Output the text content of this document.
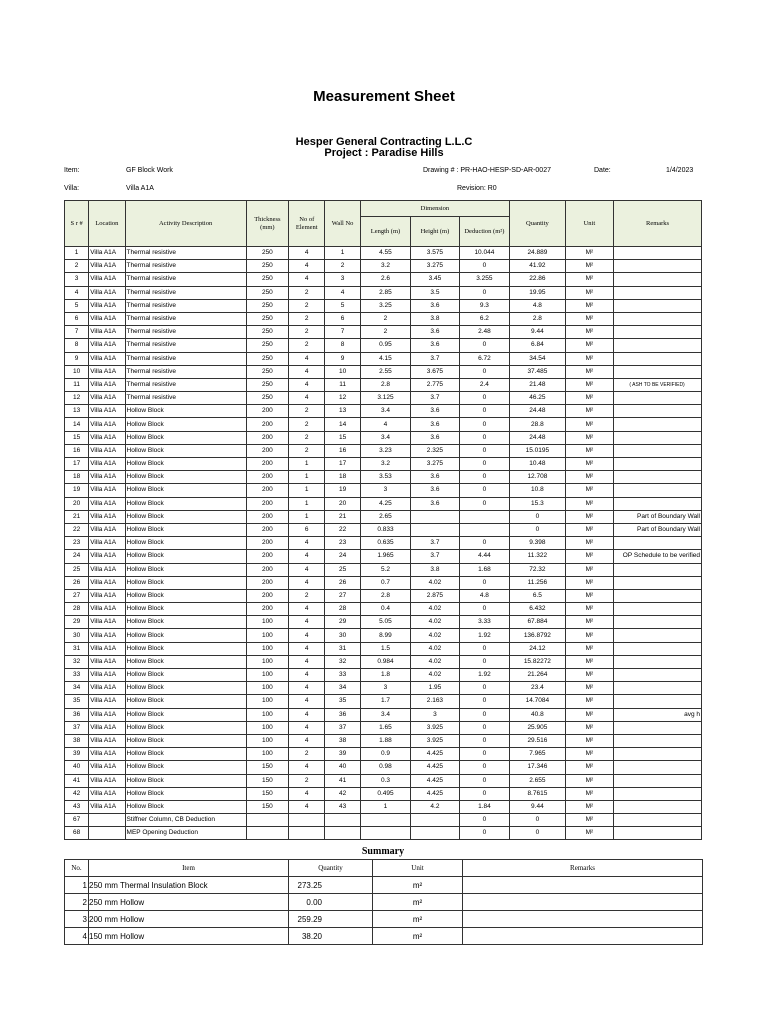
Measurement Sheet
Hesper General Contracting L.L.C
Project : Paradise Hills
Item:	GF Block Work	Drawing # : PR-HAO-HESP-SD-AR-0027	Date:	1/4/2023
Villa:	Villa A1A	Revision: R0
S r #	Location	Activity Description	Thickness (mm)	No of Element	Wall No	Dimension			Quantity	Unit	Remarks
						Length (m)	Height (m)	Deduction (m²)			
1	Villa A1A	Thermal resistive	250	4	1	4.55	3.575	10.044	24.889	M²	
2	Villa A1A	Thermal resistive	250	4	2	3.2	3.275	0	41.92	M²	
3	Villa A1A	Thermal resistive	250	4	3	2.6	3.45	3.255	22.86	M²	
4	Villa A1A	Thermal resistive	250	2	4	2.85	3.5	0	19.95	M²	
5	Villa A1A	Thermal resistive	250	2	5	3.25	3.6	9.3	4.8	M²	
6	Villa A1A	Thermal resistive	250	2	6	2	3.8	6.2	2.8	M²	
7	Villa A1A	Thermal resistive	250	2	7	2	3.6	2.48	9.44	M²	
8	Villa A1A	Thermal resistive	250	2	8	0.95	3.6	0	6.84	M²	
9	Villa A1A	Thermal resistive	250	4	9	4.15	3.7	6.72	34.54	M²	
10	Villa A1A	Thermal resistive	250	4	10	2.55	3.675	0	37.485	M²	
11	Villa A1A	Thermal resistive	250	4	11	2.8	2.775	2.4	21.48	M²	( ASH TO BE VERIFIED)
12	Villa A1A	Thermal resistive	250	4	12	3.125	3.7	0	46.25	M²	
13	Villa A1A	Hollow Block	200	2	13	3.4	3.6	0	24.48	M²	
14	Villa A1A	Hollow Block	200	2	14	4	3.6	0	28.8	M²	
15	Villa A1A	Hollow Block	200	2	15	3.4	3.6	0	24.48	M²	
16	Villa A1A	Hollow Block	200	2	16	3.23	2.325	0	15.0195	M²	
17	Villa A1A	Hollow Block	200	1	17	3.2	3.275	0	10.48	M²	
18	Villa A1A	Hollow Block	200	1	18	3.53	3.6	0	12.708	M²	
19	Villa A1A	Hollow Block	200	1	19	3	3.6	0	10.8	M²	
20	Villa A1A	Hollow Block	200	1	20	4.25	3.6	0	15.3	M²	
21	Villa A1A	Hollow Block	200	1	21	2.65			0	M²	Part of Boundary Wall
22	Villa A1A	Hollow Block	200	6	22	0.833			0	M²	Part of Boundary Wall
23	Villa A1A	Hollow Block	200	4	23	0.635	3.7	0	9.398	M²	
24	Villa A1A	Hollow Block	200	4	24	1.965	3.7	4.44	11.322	M²	OP Schedule to be verified
25	Villa A1A	Hollow Block	200	4	25	5.2	3.8	1.68	72.32	M²	
26	Villa A1A	Hollow Block	200	4	26	0.7	4.02	0	11.256	M²	
27	Villa A1A	Hollow Block	200	2	27	2.8	2.875	4.8	6.5	M²	
28	Villa A1A	Hollow Block	200	4	28	0.4	4.02	0	6.432	M²	
29	Villa A1A	Hollow Block	100	4	29	5.05	4.02	3.33	67.884	M²	
30	Villa A1A	Hollow Block	100	4	30	8.99	4.02	1.92	136.8792	M²	
31	Villa A1A	Hollow Block	100	4	31	1.5	4.02	0	24.12	M²	
32	Villa A1A	Hollow Block	100	4	32	0.984	4.02	0	15.82272	M²	
33	Villa A1A	Hollow Block	100	4	33	1.8	4.02	1.92	21.264	M²	
34	Villa A1A	Hollow Block	100	4	34	3	1.95	0	23.4	M²	
35	Villa A1A	Hollow Block	100	4	35	1.7	2.163	0	14.7084	M²	
36	Villa A1A	Hollow Block	100	4	36	3.4	3	0	40.8	M²	avg h
37	Villa A1A	Hollow Block	100	4	37	1.65	3.925	0	25.905	M²	
38	Villa A1A	Hollow Block	100	4	38	1.88	3.925	0	29.516	M²	
39	Villa A1A	Hollow Block	100	2	39	0.9	4.425	0	7.965	M²	
40	Villa A1A	Hollow Block	150	4	40	0.98	4.425	0	17.346	M²	
41	Villa A1A	Hollow Block	150	2	41	0.3	4.425	0	2.655	M²	
42	Villa A1A	Hollow Block	150	4	42	0.495	4.425	0	8.7615	M²	
43	Villa A1A	Hollow Block	150	4	43	1	4.2	1.84	9.44	M²	
67		Stiffner Column, CB Deduction						0	0	M²	
68		MEP Opening Deduction						0	0	M²	
Summary
No.	Item	Quantity	Unit	Remarks
1	250 mm Thermal Insulation Block	273.25	m²	
2	250 mm Hollow	0.00	m²	
3	200 mm Hollow	259.29	m²	
4	150 mm Hollow	38.20	m²	
